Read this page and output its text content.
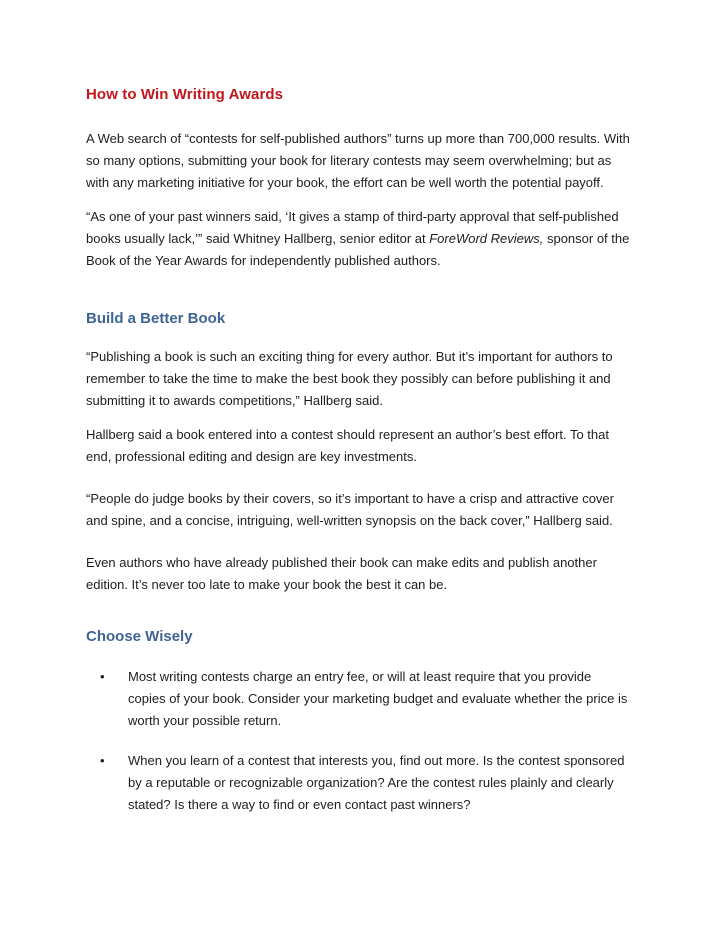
How to Win Writing Awards

A Web search of “contests for self-published authors” turns up more than 700,000 results. With
so many options, submitting your book for literary contests may seem overwhelming; but as
with any marketing initiative for your book, the effort can be well worth the potential payoff.

“As one of your past winners said, ‘It gives a stamp of third-party approval that self-published
books usually lack,’” said Whitney Hallberg, senior editor at ForeWord Reviews, sponsor of the
Book of the Year Awards for independently published authors.

Build a Better Book

“Publishing a book is such an exciting thing for every author. But it’s important for authors to
remember to take the time to make the best book they possibly can before publishing it and
submitting it to awards competitions,” Hallberg said.

Hallberg said a book entered into a contest should represent an author’s best effort. To that
end, professional editing and design are key investments.

“People do judge books by their covers, so it’s important to have a crisp and attractive cover
and spine, and a concise, intriguing, well-written synopsis on the back cover,” Hallberg said.

Even authors who have already published their book can make edits and publish another
edition. It’s never too late to make your book the best it can be.

Choose Wisely
• Most writing contests charge an entry fee, or will at least require that you provide
copies of your book. Consider your marketing budget and evaluate whether the price is
worth your possible return.
• When you learn of a contest that interests you, find out more. Is the contest sponsored
by a reputable or recognizable organization? Are the contest rules plainly and clearly
stated? Is there a way to find or even contact past winners?
